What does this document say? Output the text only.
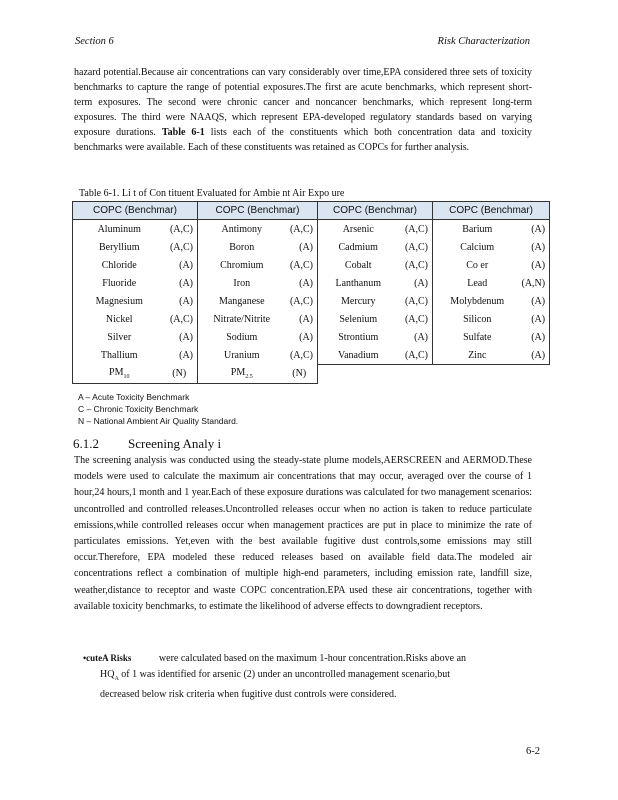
Section 6	Risk Characterization

hazard potential.Because air concentrations can vary considerably over time,EPA considered three sets of toxicity benchmarks to capture the range of potential exposures.The first are acute benchmarks, which represent short-term exposures. The second were chronic cancer and noncancer benchmarks, which represent long-term exposures. The third were NAAQS, which represent EPA-developed regulatory standards based on varying exposure durations. Table 6-1 lists each of the constituents which both concentration data and toxicity benchmarks were available. Each of these constituents was retained as COPCs for further analysis.

Table 6-1. Li t of Con tituent Evaluated for Ambie nt Air Expo ure
COPC (Benchmar)		COPC (Benchmar)		COPC (Benchmar)		COPC (Benchmar)	
Aluminum	(A,C)	Antimony	(A,C)	Arsenic	(A,C)	Barium	(A)
Beryllium	(A,C)	Boron	(A)	Cadmium	(A,C)	Calcium	(A)
Chloride	(A)	Chromium	(A,C)	Cobalt	(A,C)	Co er	(A)
Fluoride	(A)	Iron	(A)	Lanthanum	(A)	Lead	(A,N)
Magnesium	(A)	Manganese	(A,C)	Mercury	(A,C)	Molybdenum	(A)
Nickel	(A,C)	Nitrate/Nitrite	(A)	Selenium	(A,C)	Silicon	(A)
Silver	(A)	Sodium	(A)	Strontium	(A)	Sulfate	(A)
Thallium	(A)	Uranium	(A,C)	Vanadium	(A,C)	Zinc	(A)
$PM_{10}$	(N)	$PM_{2.5}$	(N)				
A – Acute Toxicity Benchmark
C – Chronic Toxicity Benchmark
N – National Ambient Air Quality Standard.
6.1.2 Screening Analy i

The screening analysis was conducted using the steady-state plume models,AERSCREEN and AERMOD.These models were used to calculate the maximum air concentrations that may occur, averaged over the course of 1 hour,24 hours,1 month and 1 year.Each of these exposure durations was calculated for two management scenarios: uncontrolled and controlled releases.Uncontrolled releases occur when no action is taken to reduce particulate emissions,while controlled releases occur when management practices are put in place to minimize the rate of particulates emissions. Yet,even with the best available fugitive dust controls,some emissions may still occur.Therefore, EPA modeled these reduced releases based on available field data.The modeled air concentrations reflect a combination of multiple high-end parameters, including emission rate, landfill size, weather,distance to receptor and waste COPC concentration.EPA used these air concentrations, together with available toxicity benchmarks, to estimate the likelihood of adverse effects to downgradient receptors.

•cuteA Risks	were calculated based on the maximum 1-hour concentration.Risks above an
$HQ_A$ of 1 was identified for arsenic (2) under an uncontrolled management scenario,but
decreased below risk criteria when fugitive dust controls were considered.
6-2
